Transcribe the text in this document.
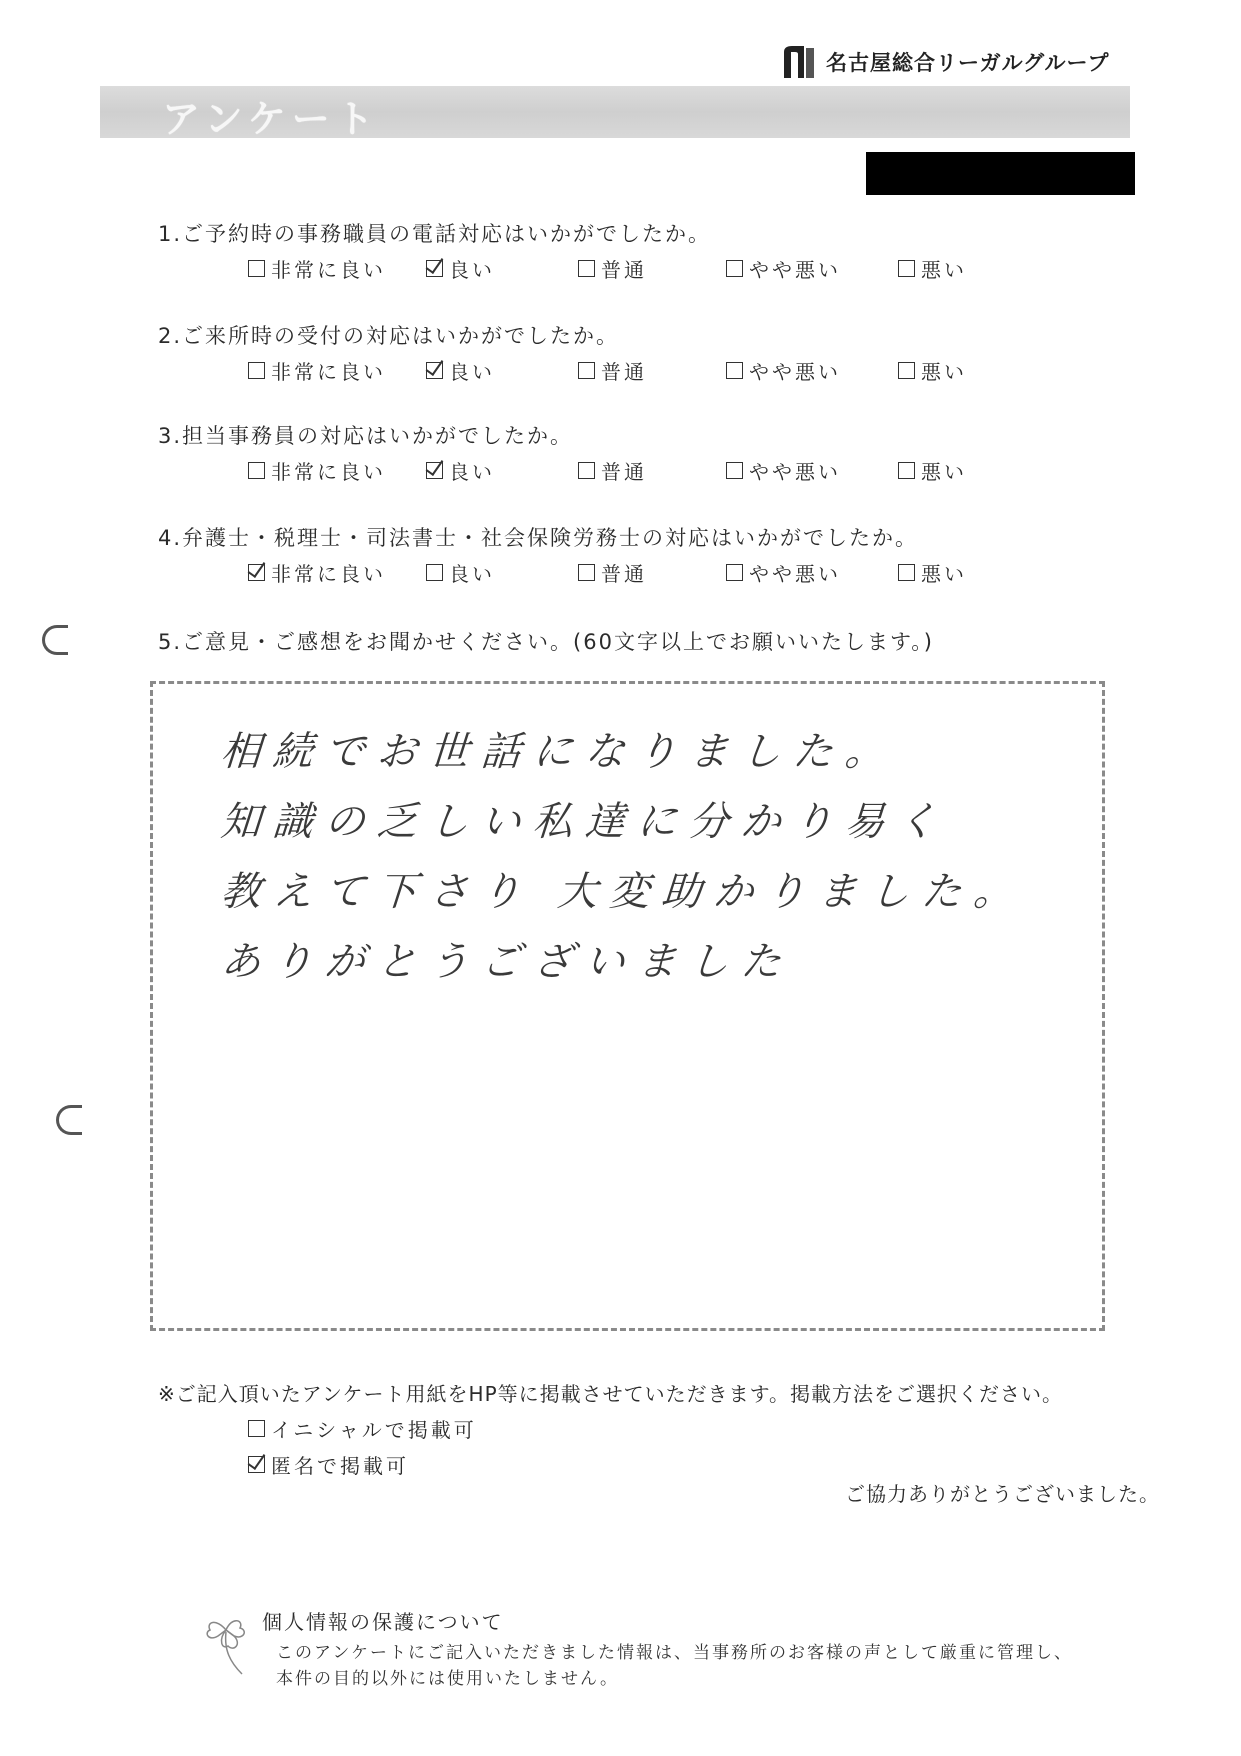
名古屋総合リーガルグループ
アンケート
1.ご予約時の事務職員の電話対応はいかがでしたか。
非常に良い	良い	普通	やや悪い	悪い
2.ご来所時の受付の対応はいかがでしたか。
非常に良い	良い	普通	やや悪い	悪い
3.担当事務員の対応はいかがでしたか。
非常に良い	良い	普通	やや悪い	悪い
4.弁護士・税理士・司法書士・社会保険労務士の対応はいかがでしたか。
非常に良い	良い	普通	やや悪い	悪い
5.ご意見・ご感想をお聞かせください。(60文字以上でお願いいたします。)
相続でお世話になりました。
知識の乏しい私達に分かり易く
教えて下さり 大変助かりました。
ありがとうございました
※ご記入頂いたアンケート用紙をHP等に掲載させていただきます。掲載方法をご選択ください。
イニシャルで掲載可
匿名で掲載可
ご協力ありがとうございました。
個人情報の保護について
このアンケートにご記入いただきました情報は、当事務所のお客様の声として厳重に管理し、
本件の目的以外には使用いたしません。
